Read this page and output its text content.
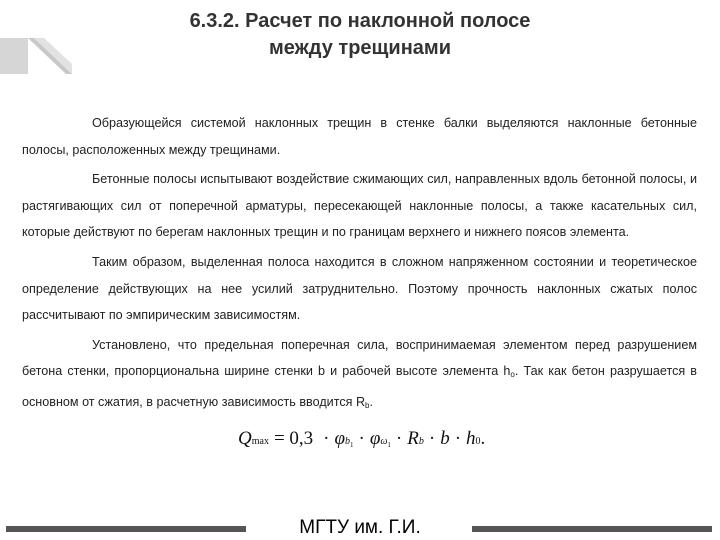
6.3.2. Расчет по наклонной полосе
между трещинами

Образующейся системой наклонных трещин в стенке балки выделяются наклонные бетонные полосы, расположенных между трещинами.

Бетонные полосы испытывают воздействие сжимающих сил, направленных вдоль бетонной полосы, и растягивающих сил от поперечной арматуры, пересекающей наклонные полосы, а также касательных сил, которые действуют по берегам наклонных трещин и по границам верхнего и нижнего поясов элемента.

Таким образом, выделенная полоса находится в сложном напряженном состоянии и теоретическое определение действующих на нее усилий затруднительно. Поэтому прочность наклонных сжатых полос рассчитывают по эмпирическим зависимостям.

Установлено, что предельная поперечная сила, воспринимаемая элементом перед разрушением бетона стенки, пропорциональна ширине стенки b и рабочей высоте элемента $h_o$. Так как бетон разрушается в основном от сжатия, в расчетную зависимость вводится $R_b$.

Q max = 0,3 · φ $b_1 \cdot \varphi$ $\omega_1 \cdot R$ b · b · h 0 .
МГТУ им. Г.И.
